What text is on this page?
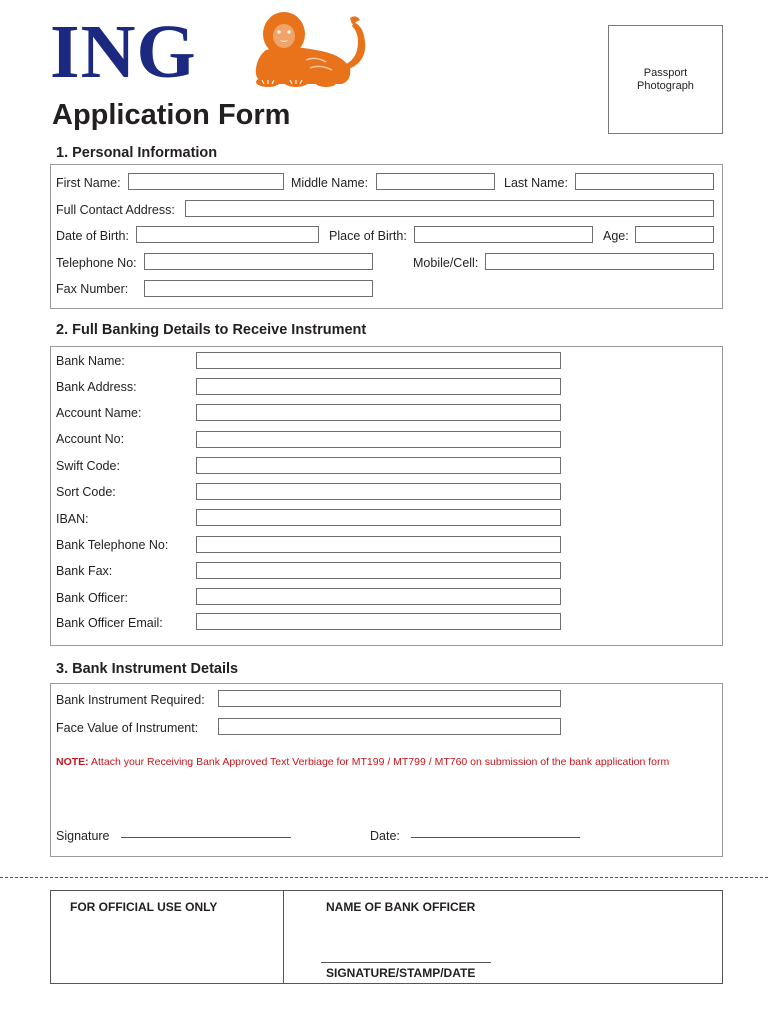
ING	Passport Photograph
Application Form
1. Personal Information
First Name:	Middle Name:	Last Name:
Full Contact Address:
Date of Birth:	Place of Birth:	Age:
Telephone No:	Mobile/Cell:
Fax Number:
2. Full Banking Details to Receive Instrument
Bank Name:
Bank Address:
Account Name:
Account No:
Swift Code:
Sort Code:
IBAN:
Bank Telephone No:
Bank Fax:
Bank Officer:
Bank Officer Email:
3. Bank Instrument Details
Bank Instrument Required:
Face Value of Instrument:
NOTE: Attach your Receiving Bank Approved Text Verbiage for MT199 / MT799 / MT760 on submission of the bank application form
Signature	Date:
FOR OFFICIAL USE ONLY	NAME OF BANK OFFICER
SIGNATURE/STAMP/DATE
